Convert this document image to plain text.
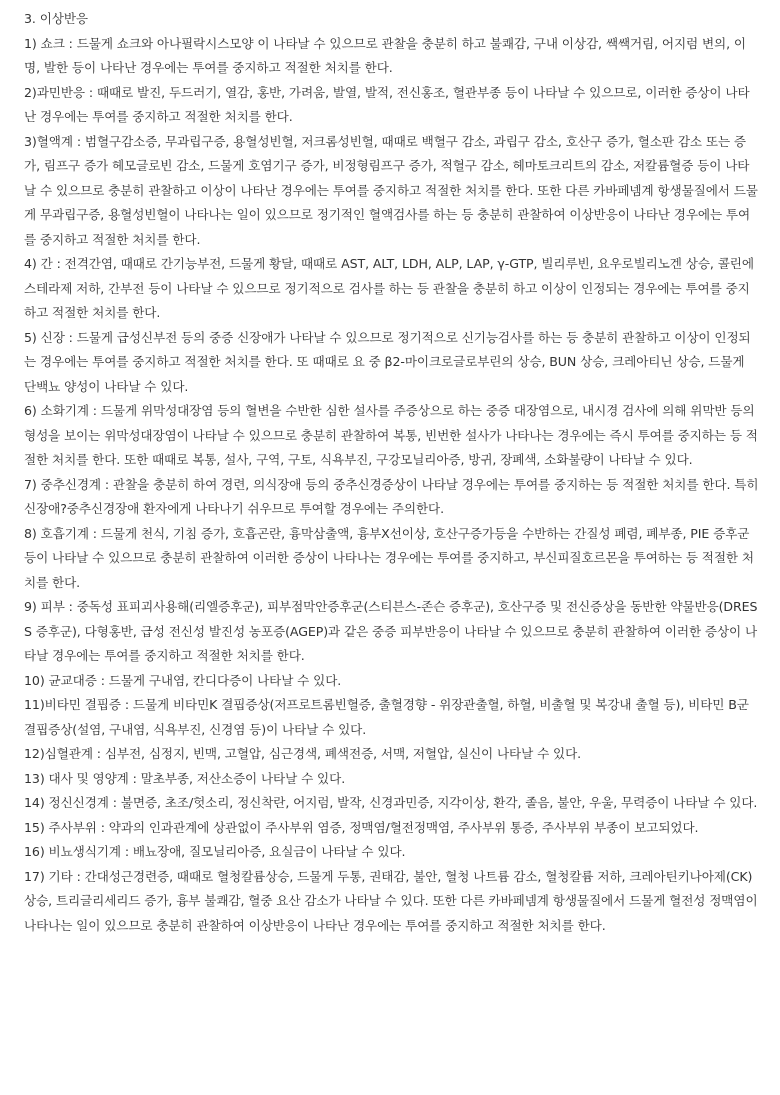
3. 이상반응

1) 쇼크 : 드물게 쇼크와 아나필락시스모양 이 나타날 수 있으므로 관찰을 충분히 하고 불쾌감, 구내 이상감, 쌕쌕거림, 어지럼 변의, 이명, 발한 등이 나타난 경우에는 투여를 중지하고 적절한 처치를 한다.

2)과민반응 : 때때로 발진, 두드러기, 열감, 홍반, 가려움, 발열, 발적, 전신홍조, 혈관부종 등이 나타날 수 있으므로, 이러한 증상이 나타난 경우에는 투여를 중지하고 적절한 처치를 한다.

3)혈액계 : 범혈구감소증, 무과립구증, 용혈성빈혈, 저크롬성빈혈, 때때로 백혈구 감소, 과립구 감소, 호산구 증가, 혈소판 감소 또는 증가, 림프구 증가 헤모글로빈 감소, 드물게 호염기구 증가, 비정형림프구 증가, 적혈구 감소, 헤마토크리트의 감소, 저칼륨혈증 등이 나타날 수 있으므로 충분히 관찰하고 이상이 나타난 경우에는 투여를 중지하고 적절한 처치를 한다. 또한 다른 카바페넴계 항생물질에서 드물게 무과립구증, 용혈성빈혈이 나타나는 일이 있으므로 정기적인 혈액검사를 하는 등 충분히 관찰하여 이상반응이 나타난 경우에는 투여를 중지하고 적절한 처치를 한다.

4) 간 : 전격간염, 때때로 간기능부전, 드물게 황달, 때때로 AST, ALT, LDH, ALP, LAP, γ-GTP, 빌리루빈, 요우로빌리노겐 상승, 콜린에스테라제 저하, 간부전 등이 나타날 수 있으므로 정기적으로 검사를 하는 등 관찰을 충분히 하고 이상이 인정되는 경우에는 투여를 중지하고 적절한 처치를 한다.

5) 신장 : 드물게 급성신부전 등의 중증 신장애가 나타날 수 있으므로 정기적으로 신기능검사를 하는 등 충분히 관찰하고 이상이 인정되는 경우에는 투여를 중지하고 적절한 처치를 한다. 또 때때로 요 중 β2-마이크로글로부린의 상승, BUN 상승, 크레아티닌 상승, 드물게 단백뇨 양성이 나타날 수 있다.

6) 소화기계 : 드물게 위막성대장염 등의 혈변을 수반한 심한 설사를 주증상으로 하는 중증 대장염으로, 내시경 검사에 의해 위막반 등의 형성을 보이는 위막성대장염이 나타날 수 있으므로 충분히 관찰하여 복통, 빈번한 설사가 나타나는 경우에는 즉시 투여를 중지하는 등 적절한 처치를 한다. 또한 때때로 복통, 설사, 구역, 구토, 식욕부진, 구강모닐리아증, 방귀, 장폐색, 소화불량이 나타날 수 있다.

7) 중추신경계 : 관찰을 충분히 하여 경련, 의식장애 등의 중추신경증상이 나타날 경우에는 투여를 중지하는 등 적절한 처치를 한다. 특히 신장애?중추신경장애 환자에게 나타나기 쉬우므로 투여할 경우에는 주의한다.

8) 호흡기계 : 드물게 천식, 기침 증가, 호흡곤란, 흉막삼출액, 흉부X선이상, 호산구증가등을 수반하는 간질성 폐렴, 폐부종, PIE 증후군 등이 나타날 수 있으므로 충분히 관찰하여 이러한 증상이 나타나는 경우에는 투여를 중지하고, 부신피질호르몬을 투여하는 등 적절한 처치를 한다.

9) 피부 : 중독성 표피괴사용해(리엘증후군), 피부점막안증후군(스티븐스-존슨 증후군), 호산구증 및 전신증상을 동반한 약물반응(DRESS 증후군), 다형홍반, 급성 전신성 발진성 농포증(AGEP)과 같은 중증 피부반응이 나타날 수 있으므로 충분히 관찰하여 이러한 증상이 나타날 경우에는 투여를 중지하고 적절한 처치를 한다.

10) 균교대증 : 드물게 구내염, 칸디다증이 나타날 수 있다.

11)비타민 결핍증 : 드물게 비타민K 결핍증상(저프로트롬빈혈증, 출혈경향 - 위장관출혈, 하혈, 비출혈 및 복강내 출혈 등), 비타민 B군 결핍증상(설염, 구내염, 식욕부진, 신경염 등)이 나타날 수 있다.

12)심혈관계 : 심부전, 심정지, 빈맥, 고혈압, 심근경색, 폐색전증, 서맥, 저혈압, 실신이 나타날 수 있다.

13) 대사 및 영양계 : 말초부종, 저산소증이 나타날 수 있다.

14) 정신신경계 : 불면증, 초조/헛소리, 정신착란, 어지럼, 발작, 신경과민증, 지각이상, 환각, 졸음, 불안, 우울, 무력증이 나타날 수 있다.

15) 주사부위 : 약과의 인과관계에 상관없이 주사부위 염증, 정맥염/혈전정맥염, 주사부위 통증, 주사부위 부종이 보고되었다.

16) 비뇨생식기계 : 배뇨장애, 질모닐리아증, 요실금이 나타날 수 있다.

17) 기타 : 간대성근경련증, 때때로 혈청칼륨상승, 드물게 두통, 권태감, 불안, 혈청 나트륨 감소, 혈청칼륨 저하, 크레아틴키나아제(CK) 상승, 트리글리세리드 증가, 흉부 불쾌감, 혈중 요산 감소가 나타날 수 있다. 또한 다른 카바페넴계 항생물질에서 드물게 혈전성 정맥염이 나타나는 일이 있으므로 충분히 관찰하여 이상반응이 나타난 경우에는 투여를 중지하고 적절한 처치를 한다.
